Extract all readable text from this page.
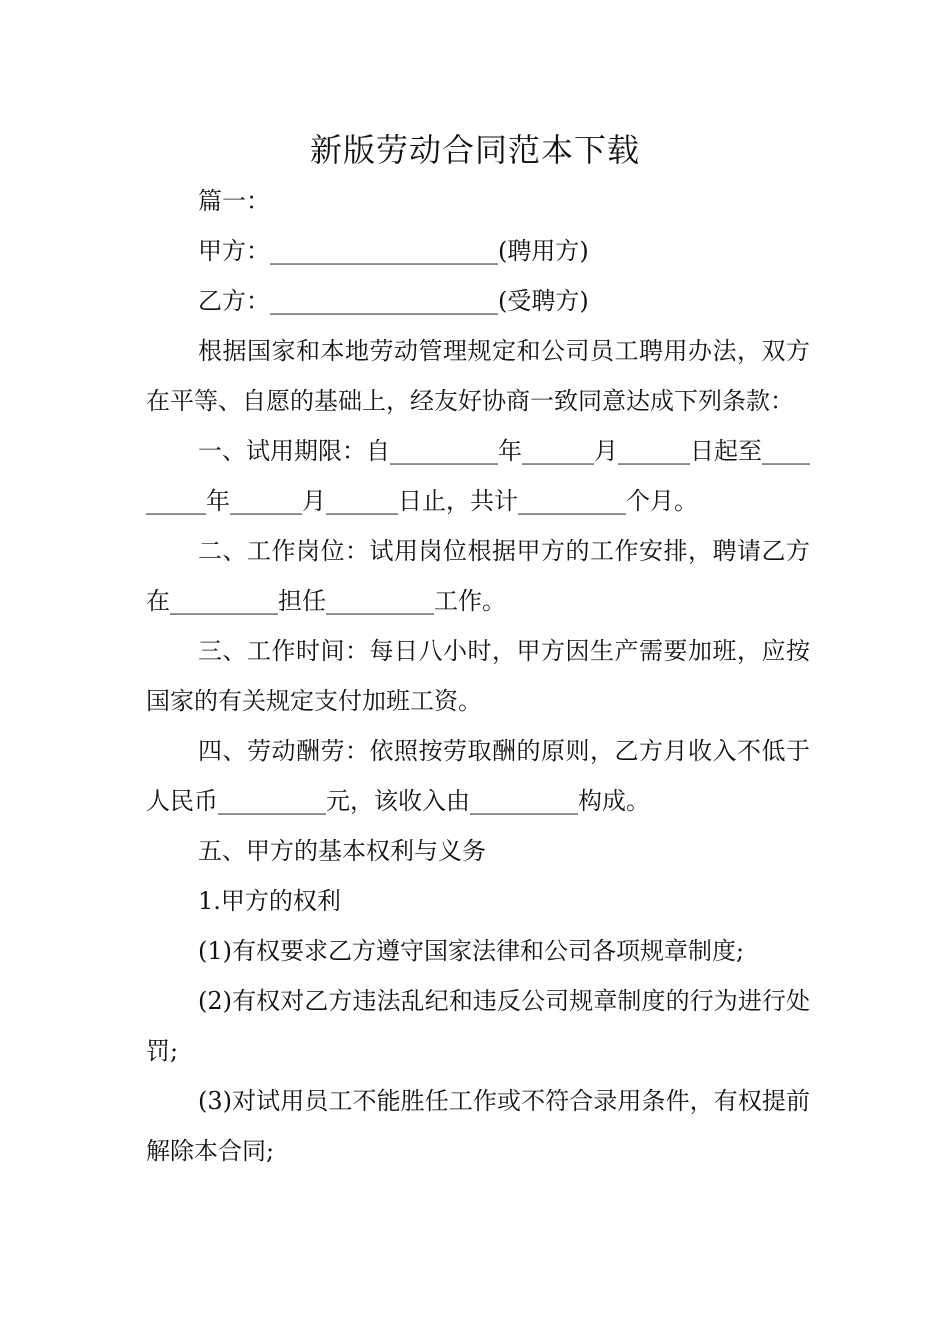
新版劳动合同范本下载

篇一：

甲方：___________________(聘用方)

乙方：___________________(受聘方)

根据国家和本地劳动管理规定和公司员工聘用办法，双方在平等、自愿的基础上，经友好协商一致同意达成下列条款：

一、试用期限：自_________年______月______日起至_________年______月______日止，共计_________个月。

二、工作岗位：试用岗位根据甲方的工作安排，聘请乙方在_________担任_________工作。

三、工作时间：每日八小时，甲方因生产需要加班，应按国家的有关规定支付加班工资。

四、劳动酬劳：依照按劳取酬的原则，乙方月收入不低于人民币_________元，该收入由_________构成。

五、甲方的基本权利与义务

1.甲方的权利

(1)有权要求乙方遵守国家法律和公司各项规章制度;

(2)有权对乙方违法乱纪和违反公司规章制度的行为进行处罚;

(3)对试用员工不能胜任工作或不符合录用条件，有权提前解除本合同;
